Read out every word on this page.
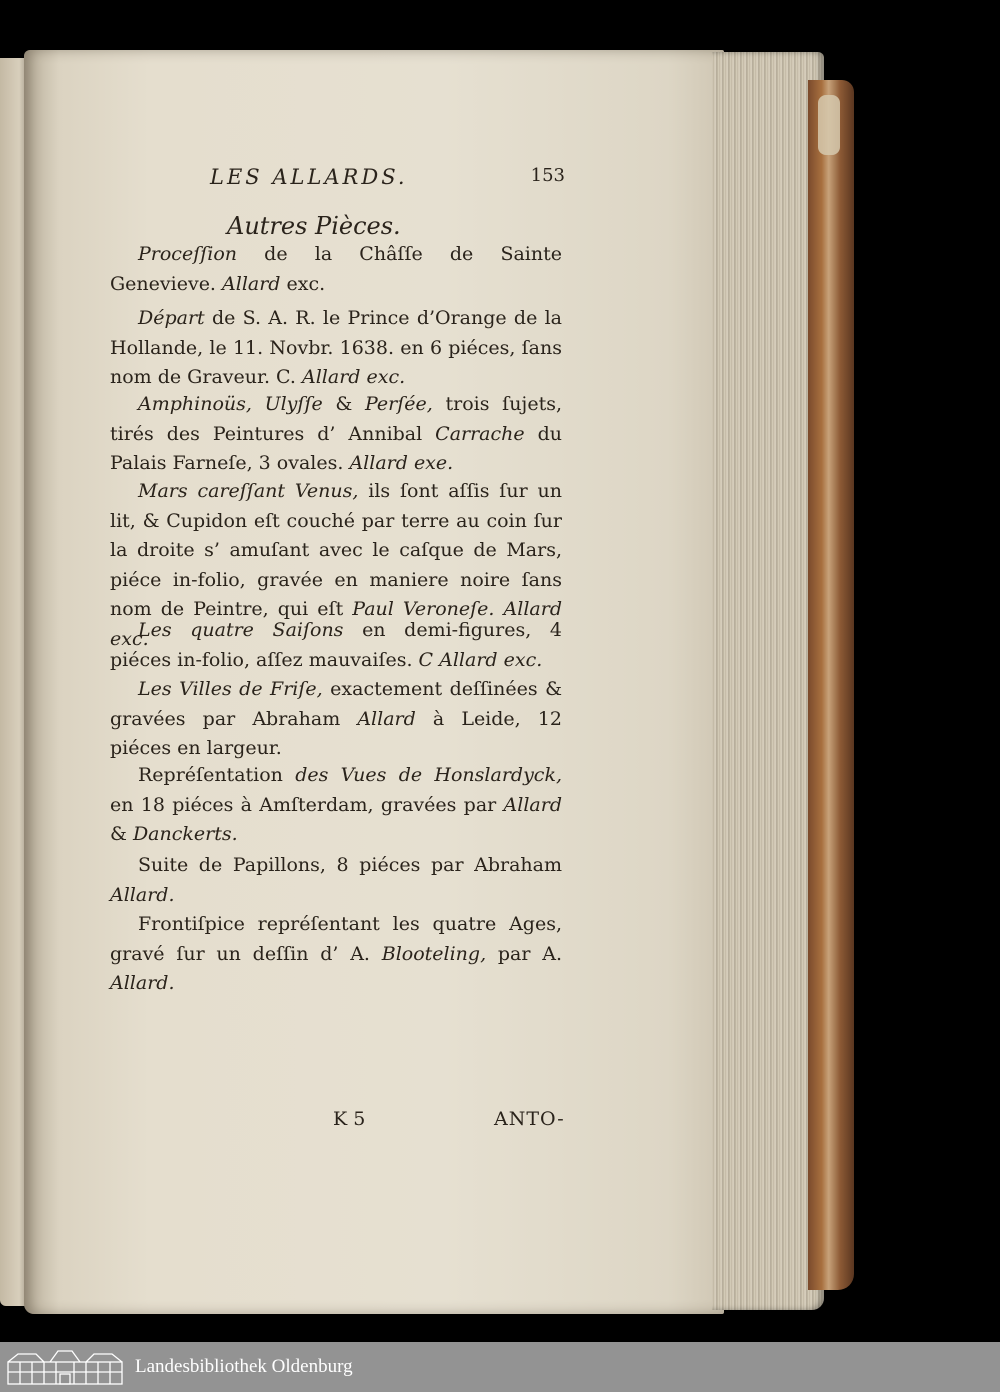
LES ALLARDS.	153
Autres Pièces.

Proceſſion de la Châſſe de Sainte Genevieve. Allard exc.

Départ de S. A. R. le Prince d’Orange de la Hollande, le 11. Novbr. 1638. en 6 piéces, ſans nom de Graveur. C. Allard exc.

Amphinoüs, Ulyſſe & Perſée, trois ſujets, tirés des Peintures d’ Annibal Carrache du Palais Farneſe, 3 ovales. Allard exe.

Mars careſſant Venus, ils ſont aſſis ſur un lit, & Cupidon eſt couché par terre au coin ſur la droite s’ amuſant avec le caſque de Mars, piéce in-folio, gravée en maniere noire ſans nom de Peintre, qui eſt Paul Veroneſe. Allard exc.

Les quatre Saiſons en demi-figures, 4 piéces in-folio, aſſez mauvaiſes. C Allard exc.

Les Villes de Friſe, exactement deſſinées & gravées par Abraham Allard à Leide, 12 piéces en largeur.

Repréſentation des Vues de Honslardyck, en 18 piéces à Amſterdam, gravées par Allard & Danckerts.

Suite de Papillons, 8 piéces par Abraham Allard.

Frontiſpice repréſentant les quatre Ages, gravé ſur un deſſin d’ A. Blooteling, par A. Allard.

K 5	ANTO-
Landesbibliothek Oldenburg
